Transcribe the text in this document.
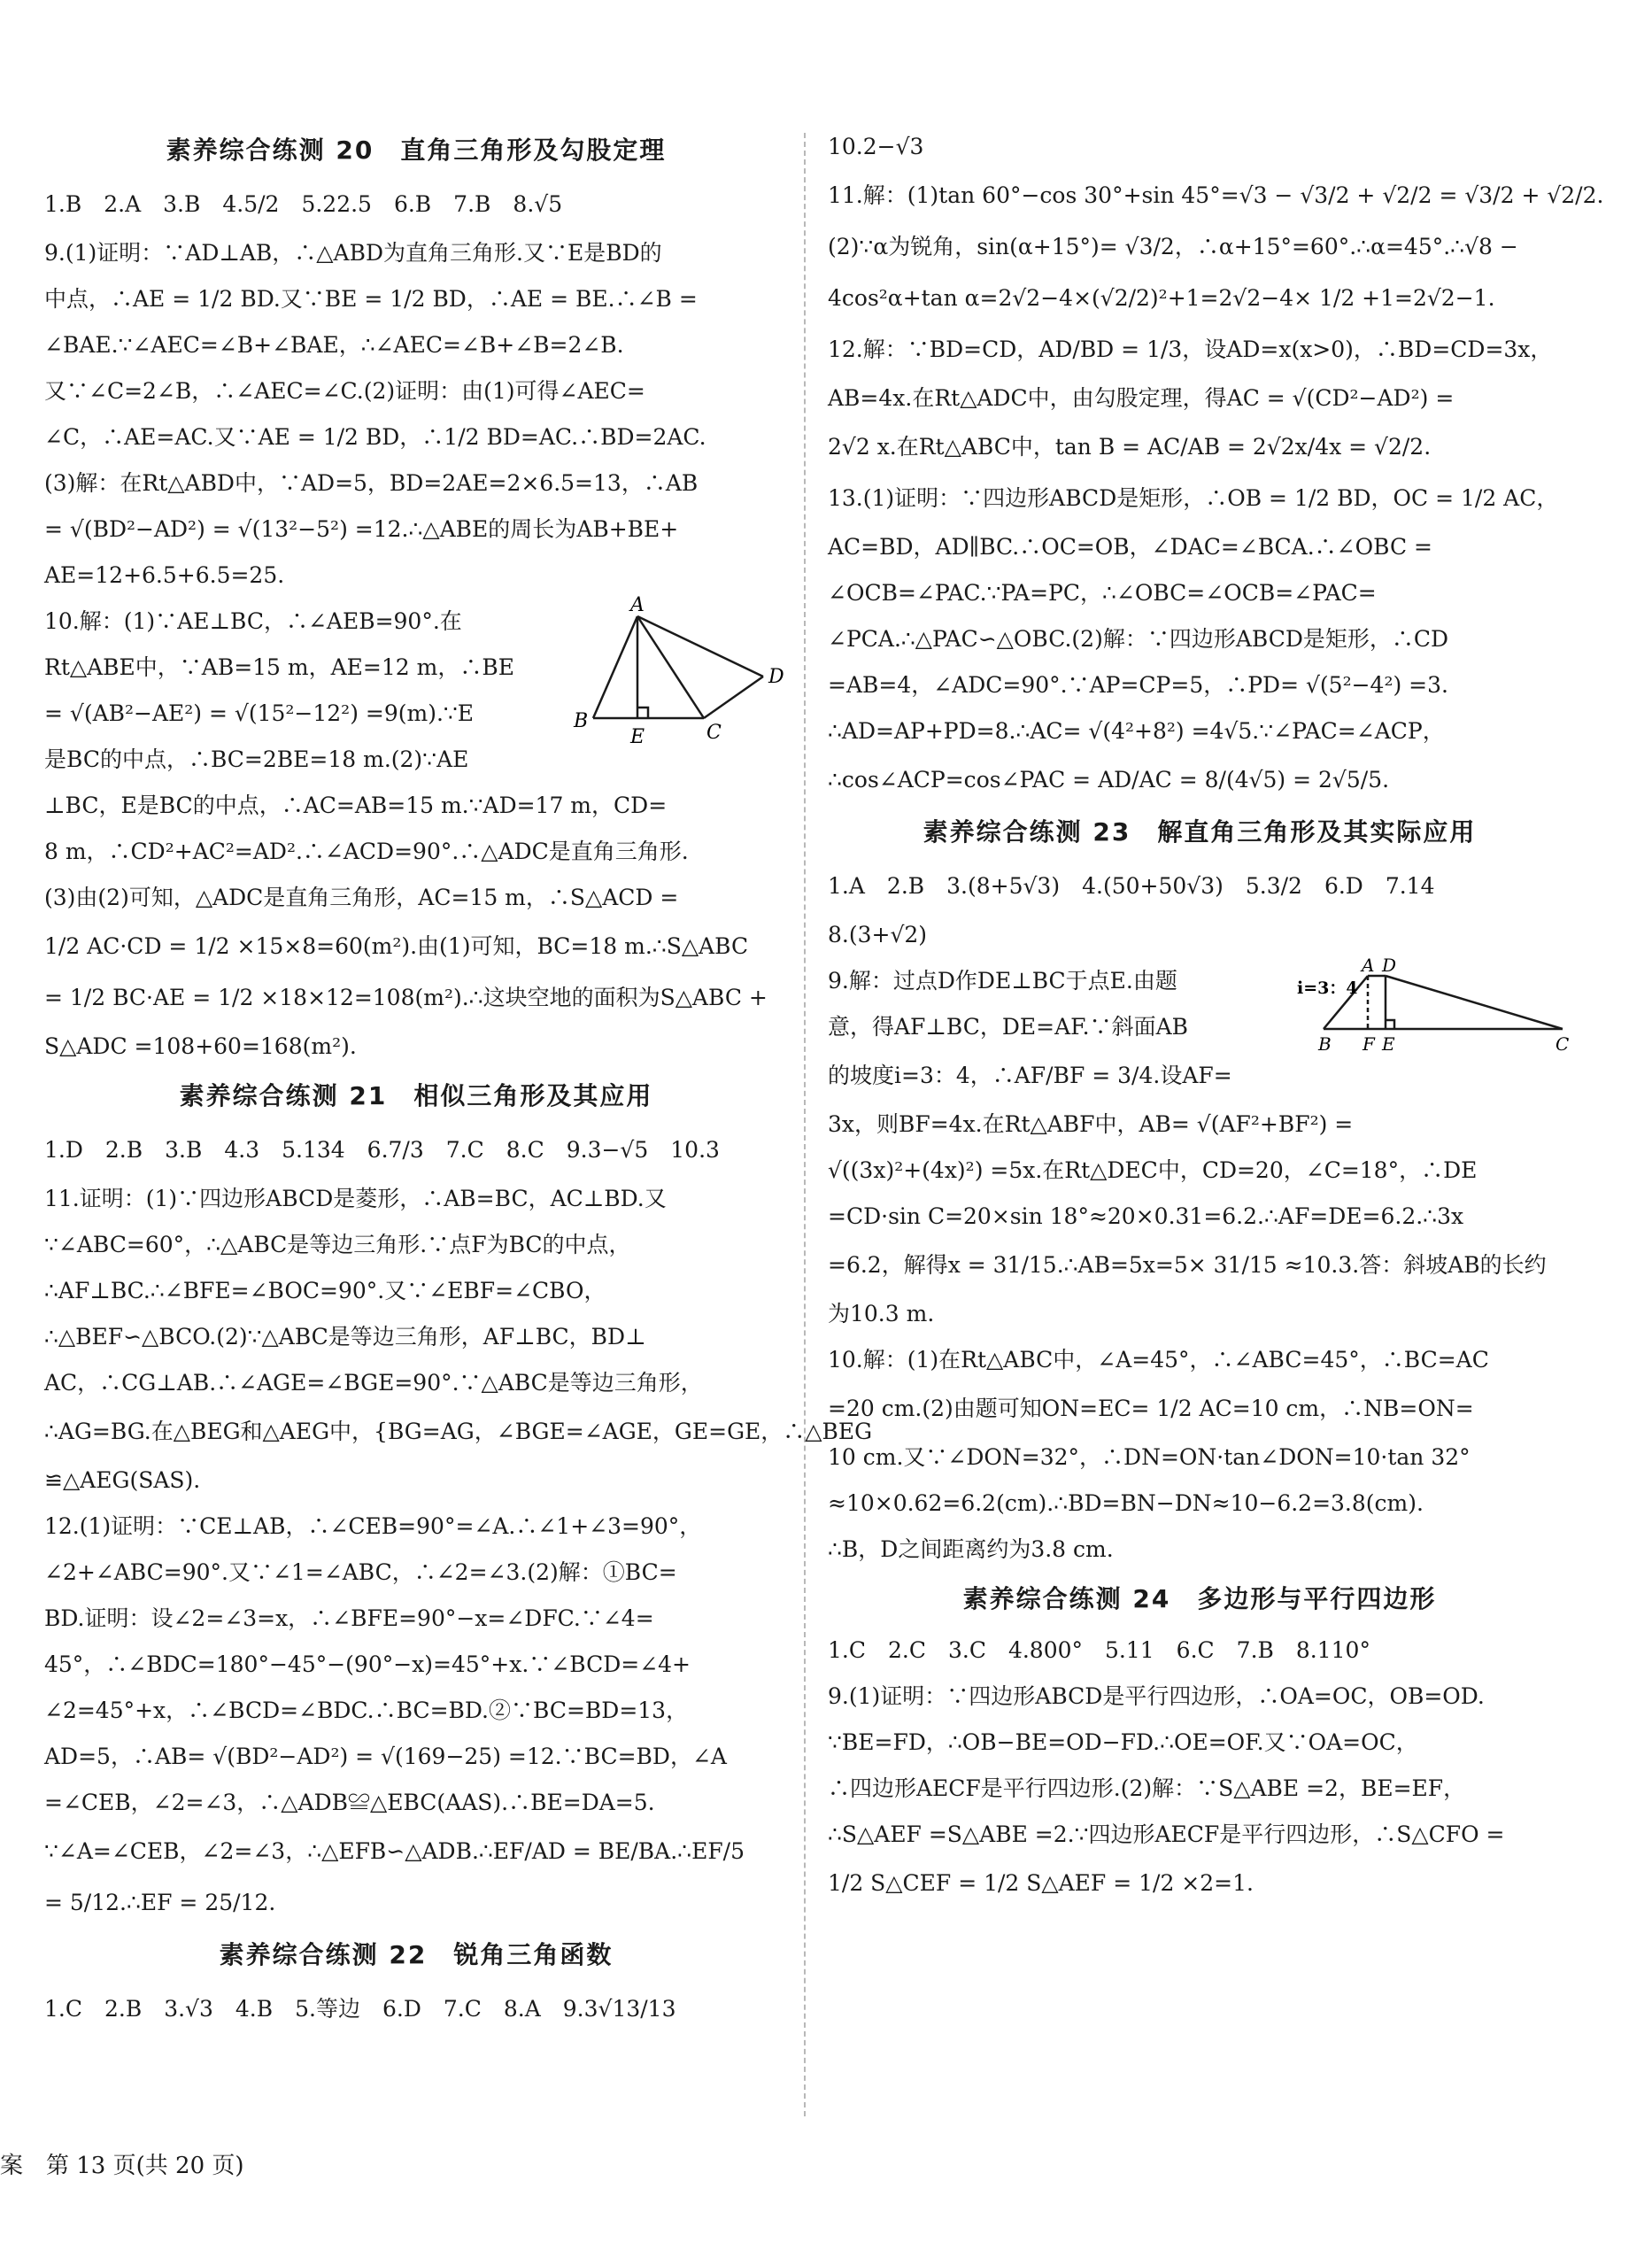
素养综合练测 20　直角三角形及勾股定理

1.B　2.A　3.B　4.5/2　5.22.5　6.B　7.B　8.√5

9.(1)证明：∵AD⊥AB，∴△ABD为直角三角形.又∵E是BD的

中点，∴AE = 1/2 BD.又∵BE = 1/2 BD，∴AE = BE.∴∠B =

∠BAE.∵∠AEC=∠B+∠BAE，∴∠AEC=∠B+∠B=2∠B.

又∵∠C=2∠B，∴∠AEC=∠C.(2)证明：由(1)可得∠AEC=

∠C，∴AE=AC.又∵AE = 1/2 BD，∴1/2 BD=AC.∴BD=2AC.

(3)解：在Rt△ABD中，∵AD=5，BD=2AE=2×6.5=13，∴AB

= √(BD²−AD²) = √(13²−5²) =12.∴△ABE的周长为AB+BE+

AE=12+6.5+6.5=25.

10.解：(1)∵AE⊥BC，∴∠AEB=90°.在

Rt△ABE中，∵AB=15 m，AE=12 m，∴BE

= √(AB²−AE²) = √(15²−12²) =9(m).∵E

是BC的中点，∴BC=2BE=18 m.(2)∵AE

A
B
E	C
D

⊥BC，E是BC的中点，∴AC=AB=15 m.∵AD=17 m，CD=

8 m，∴CD²+AC²=AD².∴∠ACD=90°.∴△ADC是直角三角形.

(3)由(2)可知，△ADC是直角三角形，AC=15 m，∴S△ACD =

1/2 AC·CD = 1/2 ×15×8=60(m²).由(1)可知，BC=18 m.∴S△ABC

= 1/2 BC·AE = 1/2 ×18×12=108(m²).∴这块空地的面积为S△ABC +

S△ADC =108+60=168(m²).

素养综合练测 21　相似三角形及其应用

1.D　2.B　3.B　4.3　5.134　6.7/3　7.C　8.C　9.3−√5　10.3

11.证明：(1)∵四边形ABCD是菱形，∴AB=BC，AC⊥BD.又

∵∠ABC=60°，∴△ABC是等边三角形.∵点F为BC的中点，

∴AF⊥BC.∴∠BFE=∠BOC=90°.又∵∠EBF=∠CBO，

∴△BEF∽△BCO.(2)∵△ABC是等边三角形，AF⊥BC，BD⊥

AC，∴CG⊥AB.∴∠AGE=∠BGE=90°.∵△ABC是等边三角形，

∴AG=BG.在△BEG和△AEG中，{BG=AG，∠BGE=∠AGE，GE=GE，∴△BEG

≌△AEG(SAS).

12.(1)证明：∵CE⊥AB，∴∠CEB=90°=∠A.∴∠1+∠3=90°，

∠2+∠ABC=90°.又∵∠1=∠ABC，∴∠2=∠3.(2)解：①BC=

BD.证明：设∠2=∠3=x，∴∠BFE=90°−x=∠DFC.∵∠4=

45°，∴∠BDC=180°−45°−(90°−x)=45°+x.∵∠BCD=∠4+

∠2=45°+x，∴∠BCD=∠BDC.∴BC=BD.②∵BC=BD=13，

AD=5，∴AB= √(BD²−AD²) = √(169−25) =12.∵BC=BD，∠A

=∠CEB，∠2=∠3，∴△ADB≌△EBC(AAS).∴BE=DA=5.

∵∠A=∠CEB，∠2=∠3，∴△EFB∽△ADB.∴EF/AD = BE/BA.∴EF/5

= 5/12.∴EF = 25/12.

素养综合练测 22　锐角三角函数

1.C　2.B　3.√3　4.B　5.等边　6.D　7.C　8.A　9.3√13/13

10.2−√3

11.解：(1)tan 60°−cos 30°+sin 45°=√3 − √3/2 + √2/2 = √3/2 + √2/2.

(2)∵α为锐角，sin(α+15°)= √3/2，∴α+15°=60°.∴α=45°.∴√8 −

4cos²α+tan α=2√2−4×(√2/2)²+1=2√2−4× 1/2 +1=2√2−1.

12.解：∵BD=CD，AD/BD = 1/3，设AD=x(x>0)，∴BD=CD=3x，

AB=4x.在Rt△ADC中，由勾股定理，得AC = √(CD²−AD²) =

2√2 x.在Rt△ABC中，tan B = AC/AB = 2√2x/4x = √2/2.

13.(1)证明：∵四边形ABCD是矩形，∴OB = 1/2 BD，OC = 1/2 AC，

AC=BD，AD∥BC.∴OC=OB，∠DAC=∠BCA.∴∠OBC =

∠OCB=∠PAC.∵PA=PC，∴∠OBC=∠OCB=∠PAC=

∠PCA.∴△PAC∽△OBC.(2)解：∵四边形ABCD是矩形，∴CD

=AB=4，∠ADC=90°.∵AP=CP=5，∴PD= √(5²−4²) =3.

∴AD=AP+PD=8.∴AC= √(4²+8²) =4√5.∵∠PAC=∠ACP，

∴cos∠ACP=cos∠PAC = AD/AC = 8/(4√5) = 2√5/5.

素养综合练测 23　解直角三角形及其实际应用

1.A　2.B　3.(8+5√3)　4.(50+50√3)　5.3/2　6.D　7.14

8.(3+√2)

9.解：过点D作DE⊥BC于点E.由题

意，得AF⊥BC，DE=AF.∵斜面AB

的坡度i=3：4，∴AF/BF = 3/4.设AF=

i=3：4
A D
B F E	C

3x，则BF=4x.在Rt△ABF中，AB= √(AF²+BF²) =

√((3x)²+(4x)²) =5x.在Rt△DEC中，CD=20，∠C=18°，∴DE

=CD·sin C=20×sin 18°≈20×0.31=6.2.∴AF=DE=6.2.∴3x

=6.2，解得x = 31/15.∴AB=5x=5× 31/15 ≈10.3.答：斜坡AB的长约

为10.3 m.

10.解：(1)在Rt△ABC中，∠A=45°，∴∠ABC=45°，∴BC=AC

=20 cm.(2)由题可知ON=EC= 1/2 AC=10 cm，∴NB=ON=

10 cm.又∵∠DON=32°，∴DN=ON·tan∠DON=10·tan 32°

≈10×0.62=6.2(cm).∴BD=BN−DN≈10−6.2=3.8(cm).

∴B，D之间距离约为3.8 cm.

素养综合练测 24　多边形与平行四边形

1.C　2.C　3.C　4.800°　5.11　6.C　7.B　8.110°

9.(1)证明：∵四边形ABCD是平行四边形，∴OA=OC，OB=OD.

∵BE=FD，∴OB−BE=OD−FD.∴OE=OF.又∵OA=OC，

∴四边形AECF是平行四边形.(2)解：∵S△ABE =2，BE=EF，

∴S△AEF =S△ABE =2.∵四边形AECF是平行四边形，∴S△CFO =

1/2 S△CEF = 1/2 S△AEF = 1/2 ×2=1.

案　第 13 页(共 20 页)
